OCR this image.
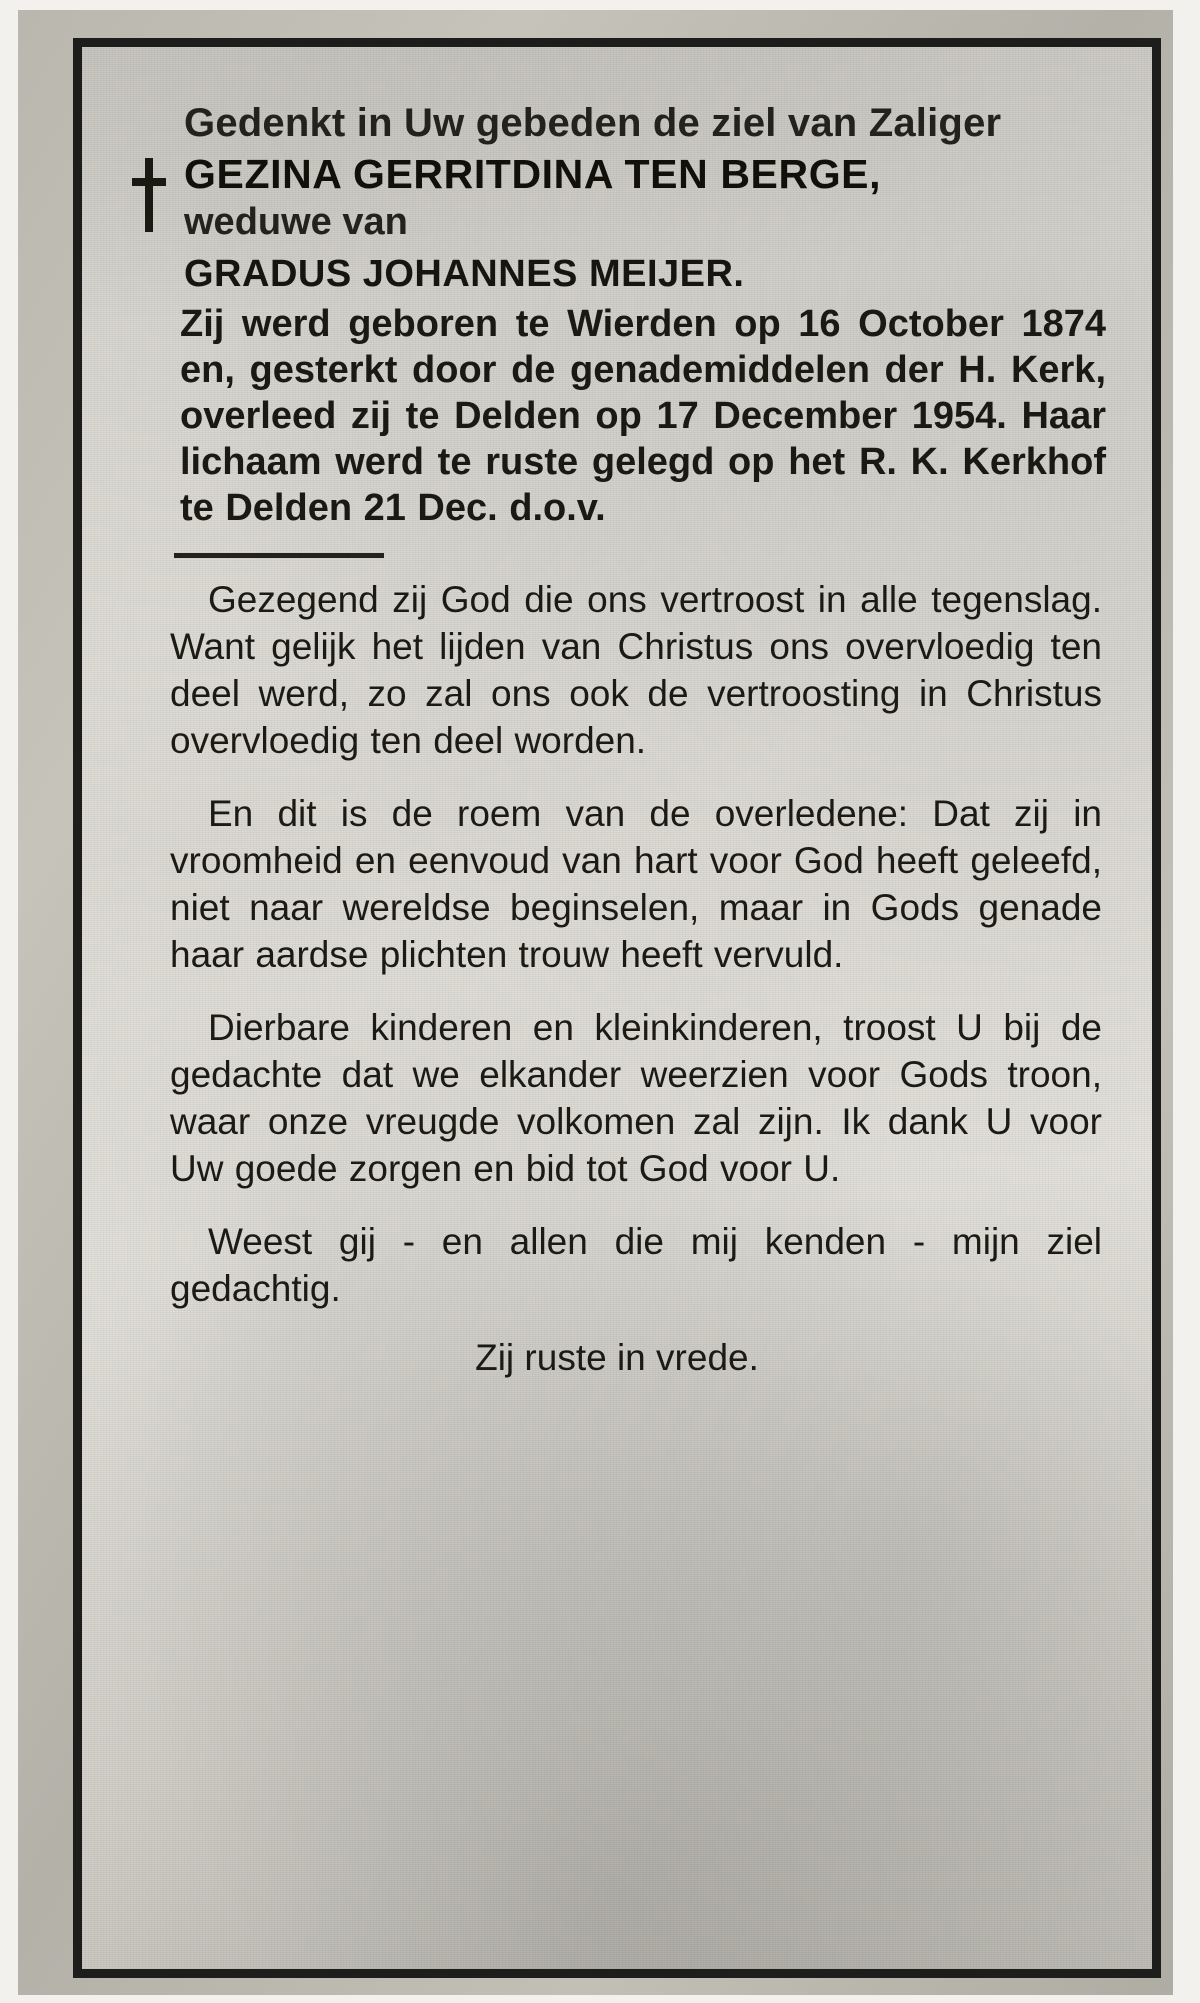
Gedenkt in Uw gebeden de ziel van Zaliger

GEZINA GERRITDINA TEN BERGE,

weduwe van

GRADUS JOHANNES MEIJER.

Zij werd geboren te Wierden op 16 October 1874 en, gesterkt door de genademiddelen der H. Kerk, overleed zij te Delden op 17 December 1954. Haar lichaam werd te ruste gelegd op het R. K. Kerkhof te Delden 21 Dec. d.o.v.

Gezegend zij God die ons vertroost in alle tegenslag. Want gelijk het lijden van Christus ons overvloedig ten deel werd, zo zal ons ook de vertroosting in Christus overvloedig ten deel worden.

En dit is de roem van de overledene: Dat zij in vroomheid en eenvoud van hart voor God heeft geleefd, niet naar wereldse beginselen, maar in Gods genade haar aardse plichten trouw heeft vervuld.

Dierbare kinderen en kleinkinderen, troost U bij de gedachte dat we elkander weerzien voor Gods troon, waar onze vreugde volkomen zal zijn. Ik dank U voor Uw goede zorgen en bid tot God voor U.

Weest gij - en allen die mij kenden - mijn ziel gedachtig.

Zij ruste in vrede.
